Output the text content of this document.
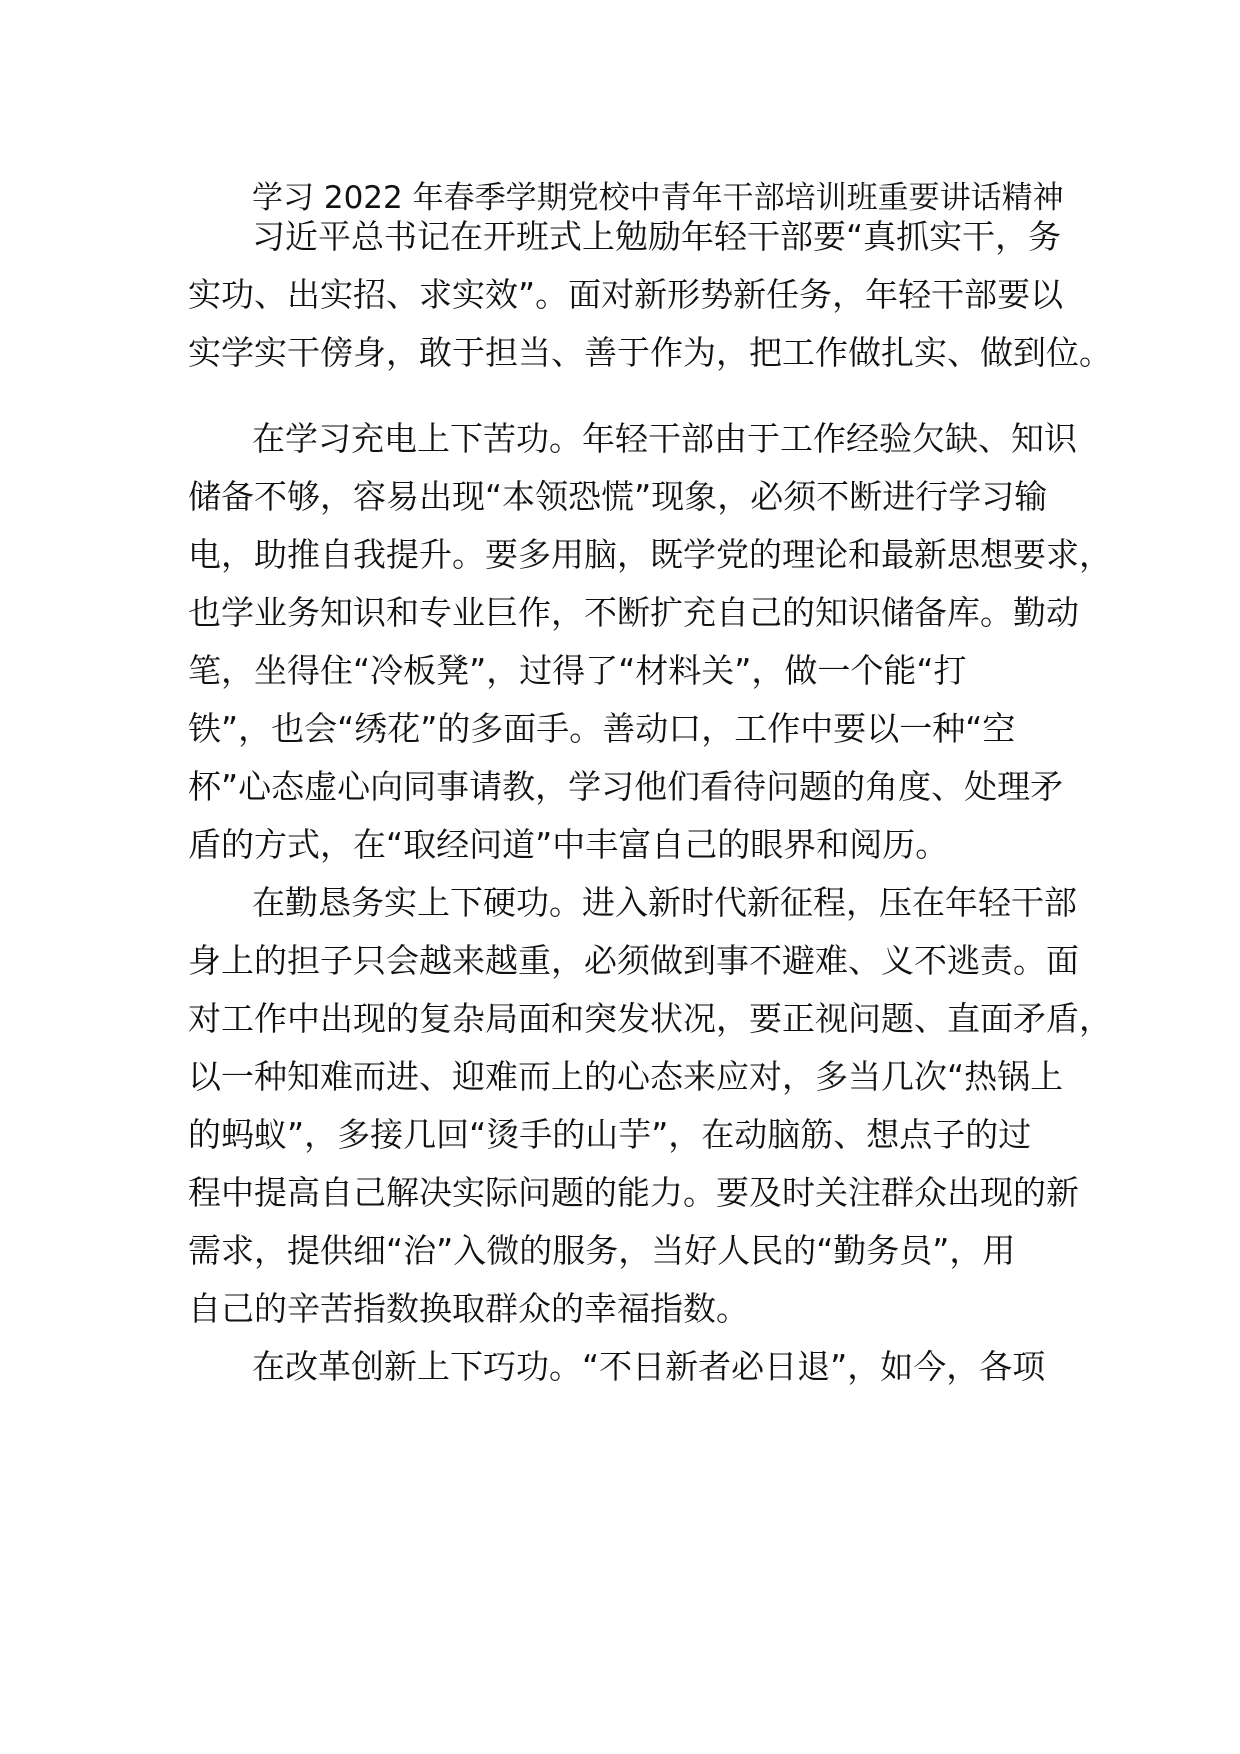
学习 2022 年春季学期党校中青年干部培训班重要讲话精神

习近平总书记在开班式上勉励年轻干部要“真抓实干，务

实功、出实招、求实效”。面对新形势新任务，年轻干部要以

实学实干傍身，敢于担当、善于作为，把工作做扎实、做到位。

在学习充电上下苦功。年轻干部由于工作经验欠缺、知识

储备不够，容易出现“本领恐慌”现象，必须不断进行学习输

电，助推自我提升。要多用脑，既学党的理论和最新思想要求，

也学业务知识和专业巨作，不断扩充自己的知识储备库。勤动

笔，坐得住“冷板凳”，过得了“材料关”，做一个能“打

铁”，也会“绣花”的多面手。善动口，工作中要以一种“空

杯”心态虚心向同事请教，学习他们看待问题的角度、处理矛

盾的方式，在“取经问道”中丰富自己的眼界和阅历。

在勤恳务实上下硬功。进入新时代新征程，压在年轻干部

身上的担子只会越来越重，必须做到事不避难、义不逃责。面

对工作中出现的复杂局面和突发状况，要正视问题、直面矛盾，

以一种知难而进、迎难而上的心态来应对，多当几次“热锅上

的蚂蚁”，多接几回“烫手的山芋”，在动脑筋、想点子的过

程中提高自己解决实际问题的能力。要及时关注群众出现的新

需求，提供细“治”入微的服务，当好人民的“勤务员”，用

自己的辛苦指数换取群众的幸福指数。

在改革创新上下巧功。“不日新者必日退”，如今，各项
